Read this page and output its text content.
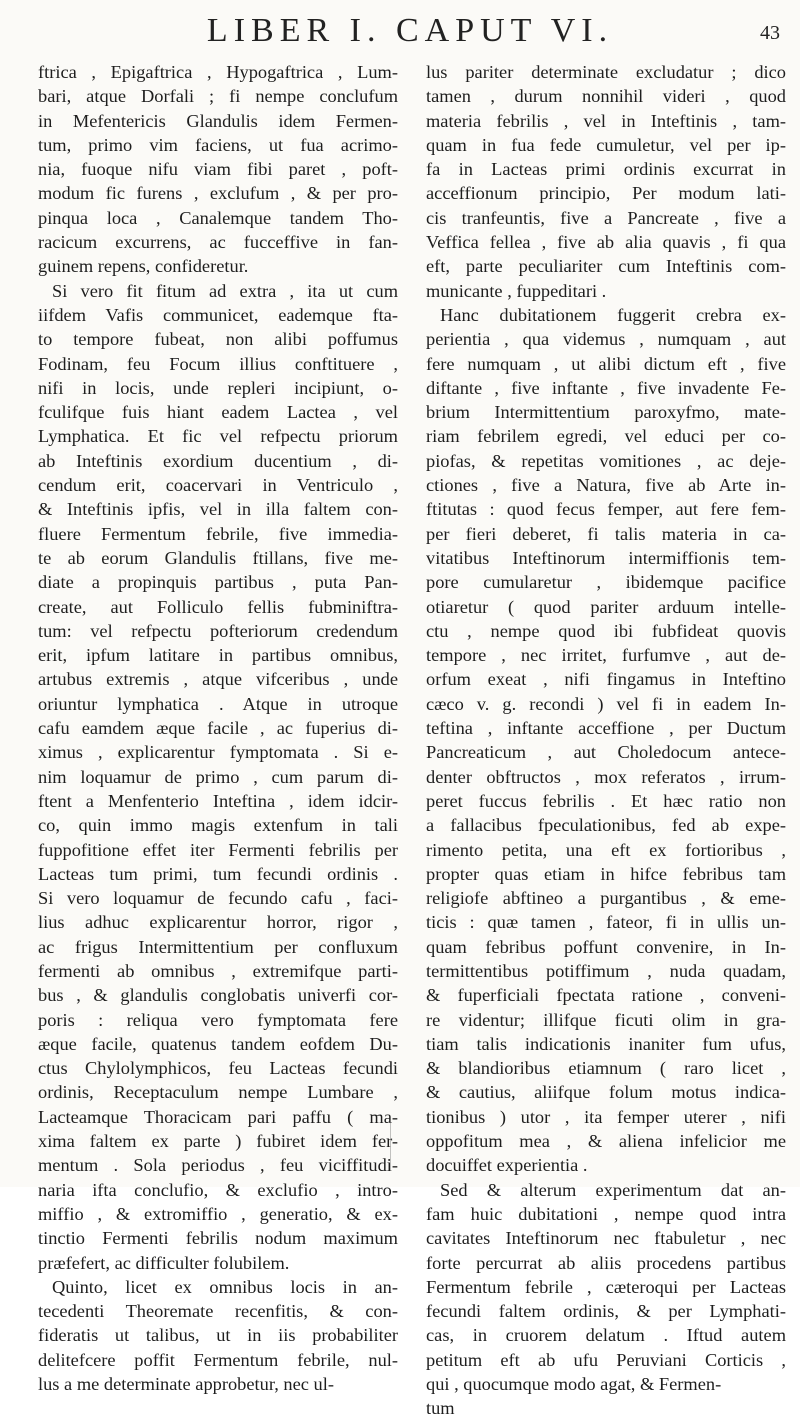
LIBER I. CAPUT VI.	43
ftrica , Epigaftrica , Hypogaftrica , Lum-
bari, atque Dorfali ; fi nempe conclufum
in Mefentericis Glandulis idem Fermen-
tum, primo vim faciens, ut fua acrimo-
nia, fuoque nifu viam fibi paret , poft-
modum fic furens , exclufum , & per pro-
pinqua loca , Canalemque tandem Tho-
racicum excurrens, ac fucceffive in fan-
guinem repens, confideretur.
Si vero fit fitum ad extra , ita ut cum
iifdem Vafis communicet, eademque fta-
to tempore fubeat, non alibi poffumus
Fodinam, feu Focum illius conftituere ,
nifi in locis, unde repleri incipiunt, o-
fculifque fuis hiant eadem Lactea , vel
Lymphatica. Et fic vel refpectu priorum
ab Inteftinis exordium ducentium , di-
cendum erit, coacervari in Ventriculo ,
& Inteftinis ipfis, vel in illa faltem con-
fluere Fermentum febrile, five immedia-
te ab eorum Glandulis ftillans, five me-
diate a propinquis partibus , puta Pan-
create, aut Folliculo fellis fubminiftra-
tum: vel refpectu pofteriorum credendum
erit, ipfum latitare in partibus omnibus,
artubus extremis , atque vifceribus , unde
oriuntur lymphatica . Atque in utroque
cafu eamdem æque facile , ac fuperius di-
ximus , explicarentur fymptomata . Si e-
nim loquamur de primo , cum parum di-
ftent a Menfenterio Inteftina , idem idcir-
co, quin immo magis extenfum in tali
fuppofitione effet iter Fermenti febrilis per
Lacteas tum primi, tum fecundi ordinis .
Si vero loquamur de fecundo cafu , faci-
lius adhuc explicarentur horror, rigor ,
ac frigus Intermittentium per confluxum
fermenti ab omnibus , extremifque parti-
bus , & glandulis conglobatis univerfi cor-
poris : reliqua vero fymptomata fere
æque facile, quatenus tandem eofdem Du-
ctus Chylolymphicos, feu Lacteas fecundi
ordinis, Receptaculum nempe Lumbare ,
Lacteamque Thoracicam pari paffu ( ma-
xima faltem ex parte ) fubiret idem fer-
mentum . Sola periodus , feu viciffitudi-
naria ifta conclufio, & exclufio , intro-
miffio , & extromiffio , generatio, & ex-
tinctio Fermenti febrilis nodum maximum
præfefert, ac difficulter folubilem.
Quinto, licet ex omnibus locis in an-
tecedenti Theoremate recenfitis, & con-
fideratis ut talibus, ut in iis probabiliter
delitefcere poffit Fermentum febrile, nul-
lus a me determinate approbetur, nec ul-
lus pariter determinate excludatur ; dico
tamen , durum nonnihil videri , quod
materia febrilis , vel in Inteftinis , tam-
quam in fua fede cumuletur, vel per ip-
fa in Lacteas primi ordinis excurrat in
acceffionum principio, Per modum lati-
cis tranfeuntis, five a Pancreate , five a
Veffica fellea , five ab alia quavis , fi qua
eft, parte peculiariter cum Inteftinis com-
municante , fuppeditari .
Hanc dubitationem fuggerit crebra ex-
perientia , qua videmus , numquam , aut
fere numquam , ut alibi dictum eft , five
diftante , five inftante , five invadente Fe-
brium Intermittentium paroxyfmo, mate-
riam febrilem egredi, vel educi per co-
piofas, & repetitas vomitiones , ac deje-
ctiones , five a Natura, five ab Arte in-
ftitutas : quod fecus femper, aut fere fem-
per fieri deberet, fi talis materia in ca-
vitatibus Inteftinorum intermiffionis tem-
pore cumularetur , ibidemque pacifice
otiaretur ( quod pariter arduum intelle-
ctu , nempe quod ibi fubfideat quovis
tempore , nec irritet, furfumve , aut de-
orfum exeat , nifi fingamus in Inteftino
cæco v. g. recondi ) vel fi in eadem In-
teftina , inftante acceffione , per Ductum
Pancreaticum , aut Choledocum antece-
denter obftructos , mox referatos , irrum-
peret fuccus febrilis . Et hæc ratio non
a fallacibus fpeculationibus, fed ab expe-
rimento petita, una eft ex fortioribus ,
propter quas etiam in hifce febribus tam
religiofe abftineo a purgantibus , & eme-
ticis : quæ tamen , fateor, fi in ullis un-
quam febribus poffunt convenire, in In-
termittentibus potiffimum , nuda quadam,
& fuperficiali fpectata ratione , conveni-
re videntur; illifque ficuti olim in gra-
tiam talis indicationis inaniter fum ufus,
& blandioribus etiamnum ( raro licet ,
& cautius, aliifque folum motus indica-
tionibus ) utor , ita femper uterer , nifi
oppofitum mea , & aliena infelicior me
docuiffet experientia .
Sed & alterum experimentum dat an-
fam huic dubitationi , nempe quod intra
cavitates Inteftinorum nec ftabuletur , nec
forte percurrat ab aliis procedens partibus
Fermentum febrile , cæteroqui per Lacteas
fecundi faltem ordinis, & per Lymphati-
cas, in cruorem delatum . Iftud autem
petitum eft ab ufu Peruviani Corticis ,
qui , quocumque modo agat, & Fermen-
tum
